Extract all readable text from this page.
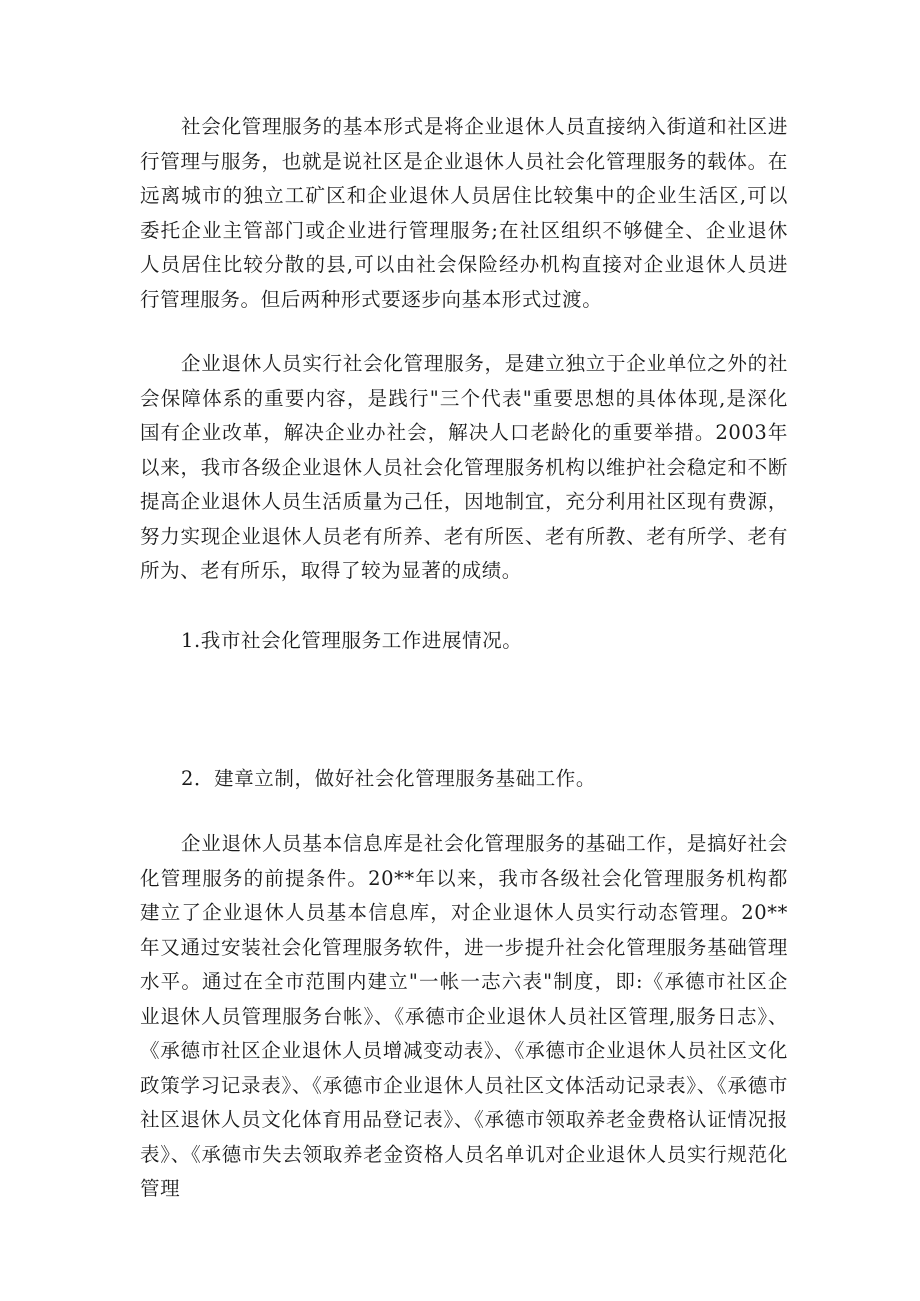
社会化管理服务的基本形式是将企业退休人员直接纳入街道和社区进行管理与服务，也就是说社区是企业退休人员社会化管理服务的载体。在远离城市的独立工矿区和企业退休人员居住比较集中的企业生活区,可以委托企业主管部门或企业进行管理服务;在社区组织不够健全、企业退休人员居住比较分散的县,可以由社会保险经办机构直接对企业退休人员进行管理服务。但后两种形式要逐步向基本形式过渡。

企业退休人员实行社会化管理服务，是建立独立于企业单位之外的社会保障体系的重要内容，是践行"三个代表"重要思想的具体体现,是深化国有企业改革，解决企业办社会，解决人口老龄化的重要举措。2003年以来，我市各级企业退休人员社会化管理服务机构以维护社会稳定和不断提高企业退休人员生活质量为己任，因地制宜，充分利用社区现有费源，努力实现企业退休人员老有所养、老有所医、老有所教、老有所学、老有所为、老有所乐，取得了较为显著的成绩。

1.我市社会化管理服务工作进展情况。

2．建章立制，做好社会化管理服务基础工作。

企业退休人员基本信息库是社会化管理服务的基础工作，是搞好社会化管理服务的前提条件。20**年以来，我市各级社会化管理服务机构都建立了企业退休人员基本信息库，对企业退休人员实行动态管理。20**年又通过安装社会化管理服务软件，进一步提升社会化管理服务基础管理水平。通过在全市范围内建立"一帐一志六表"制度，即:《承德市社区企业退休人员管理服务台帐》、《承德市企业退休人员社区管理,服务日志》、《承德市社区企业退休人员增减变动表》、《承德市企业退休人员社区文化政策学习记录表》、《承德市企业退休人员社区文体活动记录表》、《承德市社区退休人员文化体育用品登记表》、《承德市领取养老金费格认证情况报表》、《承德市失去领取养老金资格人员名单讥对企业退休人员实行规范化管理
